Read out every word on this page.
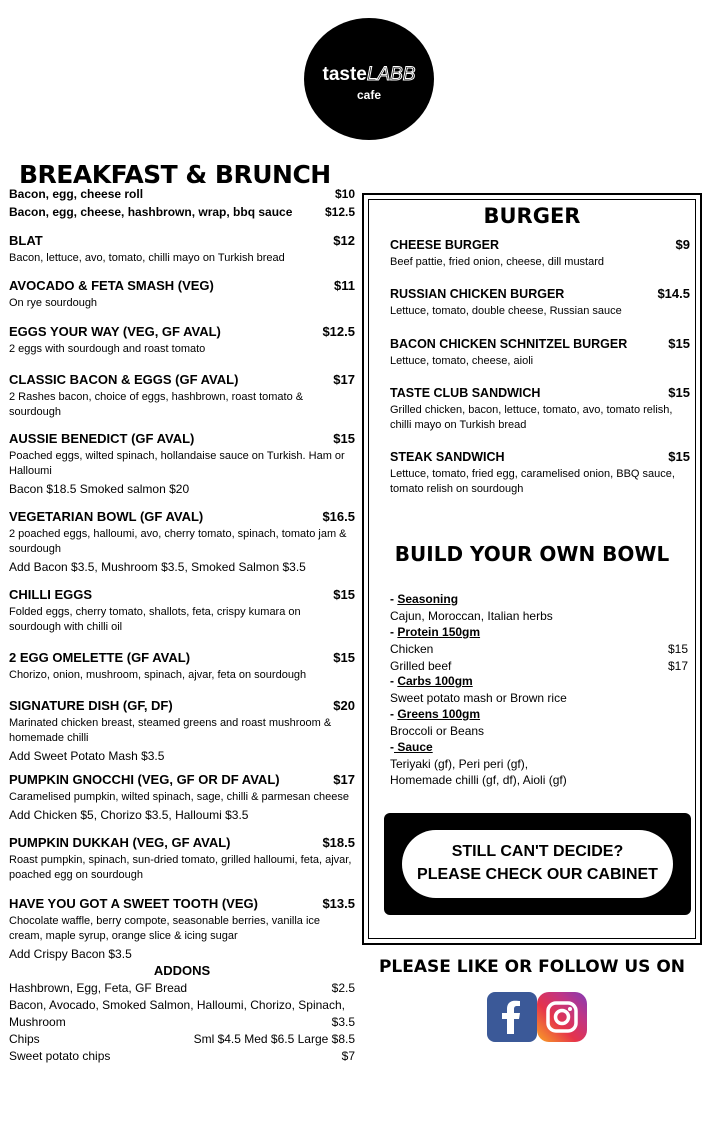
tasteLABB
cafe
BREAKFAST & BRUNCH
Bacon, egg, cheese roll	$10
Bacon, egg, cheese, hashbrown, wrap, bbq sauce	$12.5
BLAT	$12
Bacon, lettuce, avo, tomato, chilli mayo on Turkish bread
AVOCADO & FETA SMASH (VEG)	$11
On rye sourdough
EGGS YOUR WAY (VEG, GF AVAL)	$12.5
2 eggs with sourdough and roast tomato
CLASSIC BACON & EGGS (GF AVAL)	$17
2 Rashes bacon, choice of eggs, hashbrown, roast tomato & sourdough
AUSSIE BENEDICT (GF AVAL)	$15
Poached eggs, wilted spinach, hollandaise sauce on Turkish. Ham or Halloumi
Bacon $18.5 Smoked salmon $20
VEGETARIAN BOWL (GF AVAL)	$16.5
2 poached eggs, halloumi, avo, cherry tomato, spinach, tomato jam & sourdough
Add Bacon $3.5, Mushroom $3.5, Smoked Salmon $3.5
CHILLI EGGS	$15
Folded eggs, cherry tomato, shallots, feta, crispy kumara on sourdough with chilli oil
2 EGG OMELETTE (GF AVAL)	$15
Chorizo, onion, mushroom, spinach, ajvar, feta on sourdough
SIGNATURE DISH (GF, DF)	$20
Marinated chicken breast, steamed greens and roast mushroom & homemade chilli
Add Sweet Potato Mash $3.5
PUMPKIN GNOCCHI (VEG, GF OR DF AVAL)	$17
Caramelised pumpkin, wilted spinach, sage, chilli & parmesan cheese
Add Chicken $5, Chorizo $3.5, Halloumi $3.5
PUMPKIN DUKKAH (VEG, GF AVAL)	$18.5
Roast pumpkin, spinach, sun-dried tomato, grilled halloumi, feta, ajvar, poached egg on sourdough
HAVE YOU GOT A SWEET TOOTH (VEG)	$13.5
Chocolate waffle, berry compote, seasonable berries, vanilla ice cream, maple syrup, orange slice & icing sugar
Add Crispy Bacon $3.5
ADDONS
Hashbrown, Egg, Feta, GF Bread	$2.5
Bacon, Avocado, Smoked Salmon, Halloumi, Chorizo, Spinach,
Mushroom	$3.5
Chips	Sml $4.5 Med $6.5 Large $8.5
Sweet potato chips	$7
BURGER
CHEESE BURGER	$9
Beef pattie, fried onion, cheese, dill mustard
RUSSIAN CHICKEN BURGER	$14.5
Lettuce, tomato, double cheese, Russian sauce
BACON CHICKEN SCHNITZEL BURGER	$15
Lettuce, tomato, cheese, aioli
TASTE CLUB SANDWICH	$15
Grilled chicken, bacon, lettuce, tomato, avo, tomato relish, chilli mayo on Turkish bread
STEAK SANDWICH	$15
Lettuce, tomato, fried egg, caramelised onion, BBQ sauce, tomato relish on sourdough
BUILD YOUR OWN BOWL
- Seasoning
Cajun, Moroccan, Italian herbs
- Protein 150gm
Chicken	$15
Grilled beef	$17
- Carbs 100gm
Sweet potato mash or Brown rice
- Greens 100gm
Broccoli or Beans
- Sauce
Teriyaki (gf), Peri peri (gf),
Homemade chilli (gf, df), Aioli (gf)
STILL CAN'T DECIDE?
PLEASE CHECK OUR CABINET
PLEASE LIKE OR FOLLOW US ON
